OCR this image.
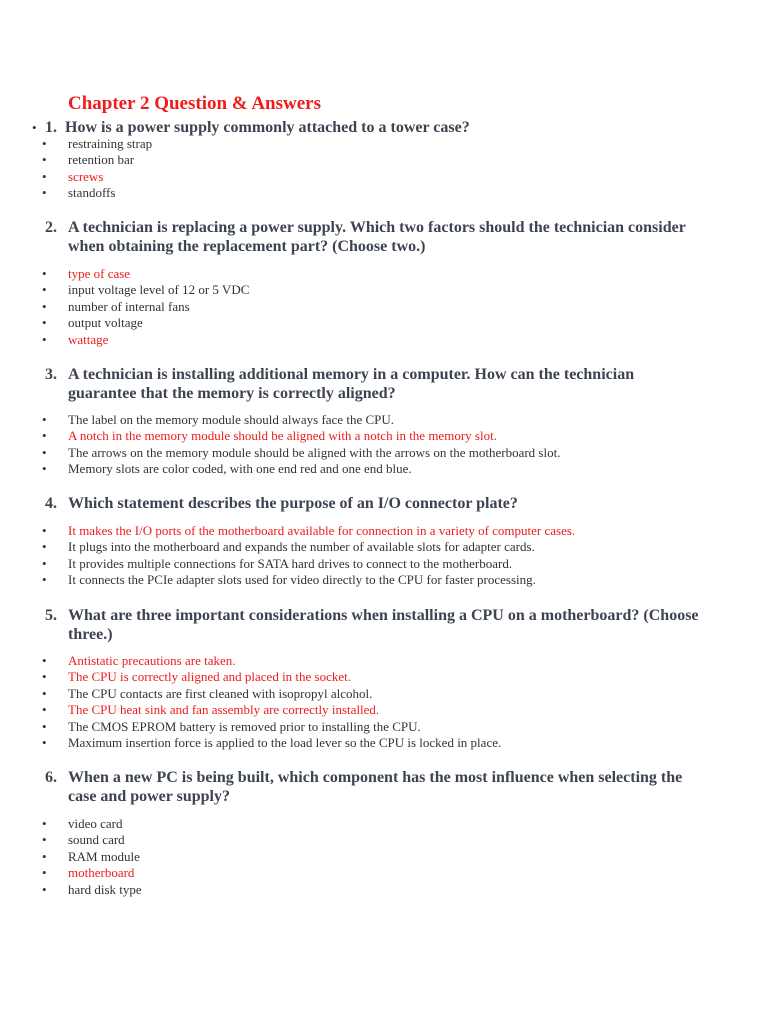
Chapter 2 Question & Answers
• 1. How is a power supply commonly attached to a tower case?
• restraining strap
• retention bar
• screws
• standoffs
2. A technician is replacing a power supply. Which two factors should the technician consider when obtaining the replacement part? (Choose two.)
• type of case
• input voltage level of 12 or 5 VDC
• number of internal fans
• output voltage
• wattage
3. A technician is installing additional memory in a computer. How can the technician guarantee that the memory is correctly aligned?
• The label on the memory module should always face the CPU.
• A notch in the memory module should be aligned with a notch in the memory slot.
• The arrows on the memory module should be aligned with the arrows on the motherboard slot.
• Memory slots are color coded, with one end red and one end blue.
4. Which statement describes the purpose of an I/O connector plate?
• It makes the I/O ports of the motherboard available for connection in a variety of computer cases.
• It plugs into the motherboard and expands the number of available slots for adapter cards.
• It provides multiple connections for SATA hard drives to connect to the motherboard.
• It connects the PCIe adapter slots used for video directly to the CPU for faster processing.
5. What are three important considerations when installing a CPU on a motherboard? (Choose three.)
• Antistatic precautions are taken.
• The CPU is correctly aligned and placed in the socket.
• The CPU contacts are first cleaned with isopropyl alcohol.
• The CPU heat sink and fan assembly are correctly installed.
• The CMOS EPROM battery is removed prior to installing the CPU.
• Maximum insertion force is applied to the load lever so the CPU is locked in place.
6. When a new PC is being built, which component has the most influence when selecting the case and power supply?
• video card
• sound card
• RAM module
• motherboard
• hard disk type
